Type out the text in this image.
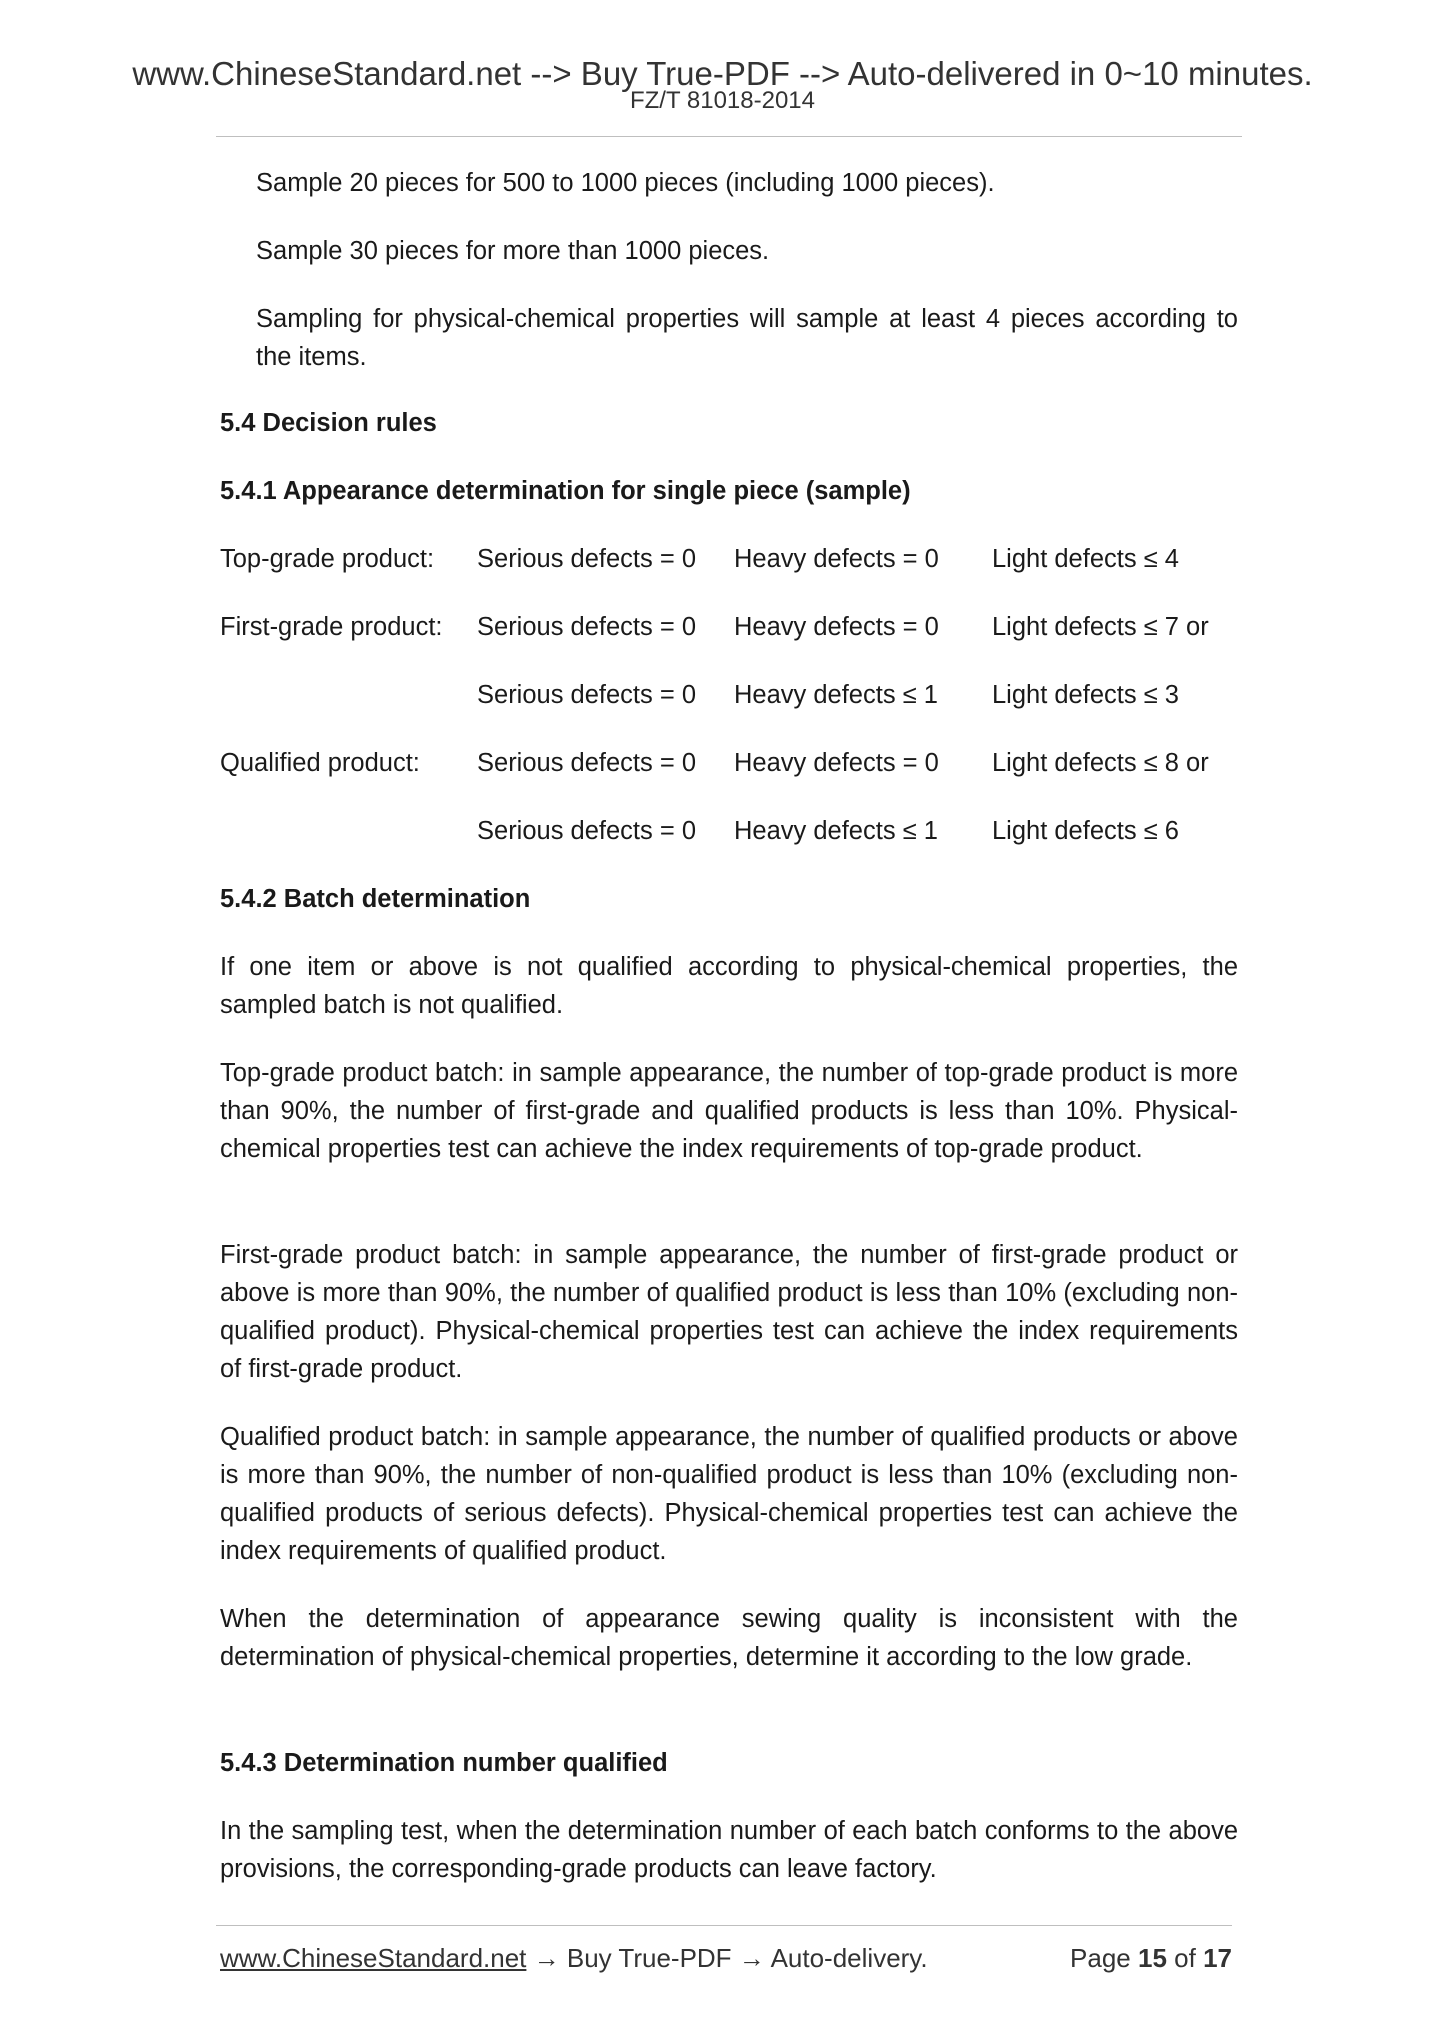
www.ChineseStandard.net --> Buy True-PDF --> Auto-delivered in 0~10 minutes.
FZ/T 81018-2014

Sample 20 pieces for 500 to 1000 pieces (including 1000 pieces).

Sample 30 pieces for more than 1000 pieces.

Sampling for physical-chemical properties will sample at least 4 pieces according to the items.

5.4 Decision rules

5.4.1 Appearance determination for single piece (sample)

Top-grade product: Serious defects = 0 Heavy defects = 0 Light defects ≤ 4
First-grade product: Serious defects = 0 Heavy defects = 0 Light defects ≤ 7 or
Serious defects = 0 Heavy defects ≤ 1 Light defects ≤ 3
Qualified product: Serious defects = 0 Heavy defects = 0 Light defects ≤ 8 or
Serious defects = 0 Heavy defects ≤ 1 Light defects ≤ 6

5.4.2 Batch determination

If one item or above is not qualified according to physical-chemical properties, the sampled batch is not qualified.

Top-grade product batch: in sample appearance, the number of top-grade product is more than 90%, the number of first-grade and qualified products is less than 10%. Physical-chemical properties test can achieve the index requirements of top-grade product.

First-grade product batch: in sample appearance, the number of first-grade product or above is more than 90%, the number of qualified product is less than 10% (excluding non-qualified product). Physical-chemical properties test can achieve the index requirements of first-grade product.

Qualified product batch: in sample appearance, the number of qualified products or above is more than 90%, the number of non-qualified product is less than 10% (excluding non-qualified products of serious defects). Physical-chemical properties test can achieve the index requirements of qualified product.

When the determination of appearance sewing quality is inconsistent with the determination of physical-chemical properties, determine it according to the low grade.

5.4.3 Determination number qualified

In the sampling test, when the determination number of each batch conforms to the above provisions, the corresponding-grade products can leave factory.

www.ChineseStandard.net → Buy True-PDF → Auto-delivery.	Page 15 of 17
